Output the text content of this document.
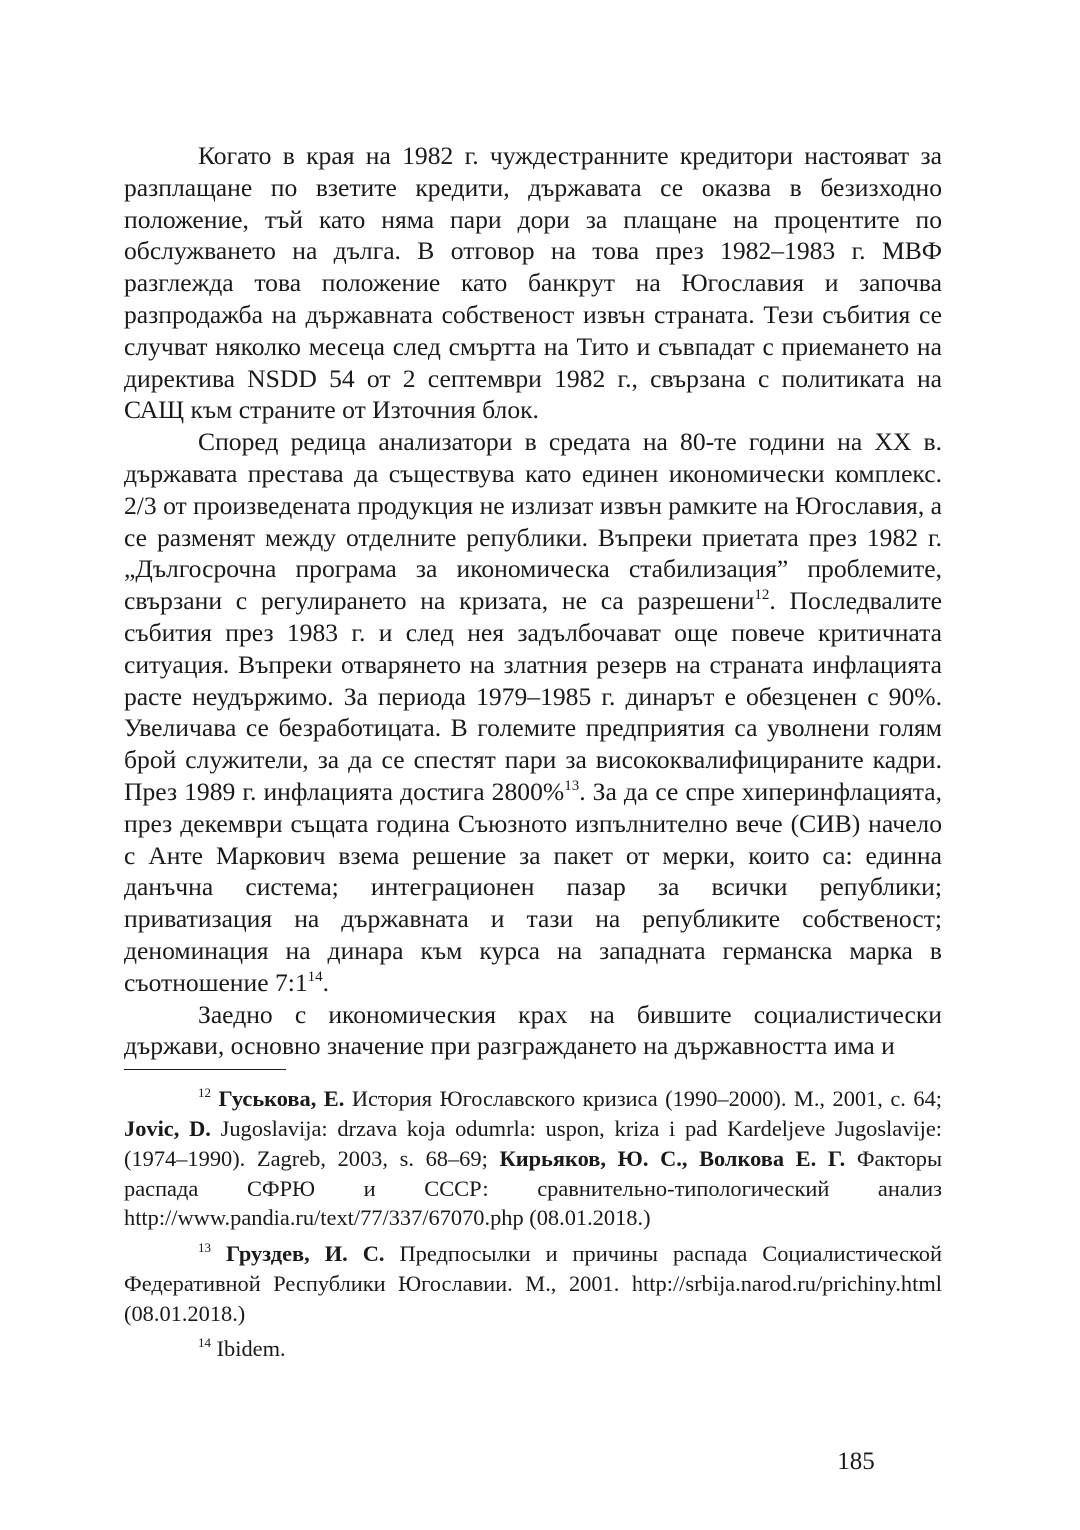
Когато в края на 1982 г. чуждестранните кредитори настояват за разплащане по взетите кредити, държавата се оказва в безизходно положение, тъй като няма пари дори за плащане на процентите по обслужването на дълга. В отговор на това през 1982–1983 г. МВФ разглежда това положение като банкрут на Югославия и започва разпродажба на държавната собственост извън страната. Тези събития се случват няколко месеца след смъртта на Тито и съвпадат с приемането на директива NSDD 54 от 2 септември 1982 г., свързана с политиката на САЩ към страните от Източния блок.

Според редица анализатори в средата на 80-те години на XX в. държавата престава да съществува като единен икономически комплекс. 2/3 от произведената продукция не излизат извън рамките на Югославия, а се разменят между отделните републики. Въпреки приетата през 1982 г. „Дългосрочна програма за икономическа стабилизация” проблемите, свързани с регулирането на кризата, не са разрешени$^{12}$. Последвалите събития през 1983 г. и след нея задълбочават още повече критичната ситуация. Въпреки отварянето на златния резерв на страната инфлацията расте неудържимо. За периода 1979–1985 г. динарът е обезценен с 90%. Увеличава се безработицата. В големите предприятия са уволнени голям брой служители, за да се спестят пари за висококвалифицираните кадри. През 1989 г. инфлацията достига 2800%$^{13}$. За да се спре хиперинфлацията, през декември същата година Съюзното изпълнително вече (СИВ) начело с Анте Маркович взема решение за пакет от мерки, които са: единна данъчна система; интеграционен пазар за всички републики; приватизация на държавната и тази на републиките собственост; деноминация на динара към курса на западната германска марка в съотношение $7:1^{14}$.

Заедно с икономическия крах на бившите социалистически държави, основно значение при разграждането на държавността има и

$^{12}$ Гуськова, Е. История Югославского кризиса (1990–2000). М., 2001, с. 64; Jovic, D. Jugoslavija: drzava koja odumrla: uspon, kriza i pad Kardeljeve Jugoslavije: (1974–1990). Zagreb, 2003, s. 68–69; Кирьяков, Ю. С., Волкова Е. Г. Факторы распада СФРЮ и СССР: сравнительно-типологический анализ http://www.pandia.ru/text/77/337/67070.php (08.01.2018.)

$^{13}$ Груздев, И. С. Предпосылки и причины распада Социалистической Федеративной Республики Югославии. М., 2001. http://srbija.narod.ru/prichiny.html (08.01.2018.)

$^{14}$ Ibidem.

185
